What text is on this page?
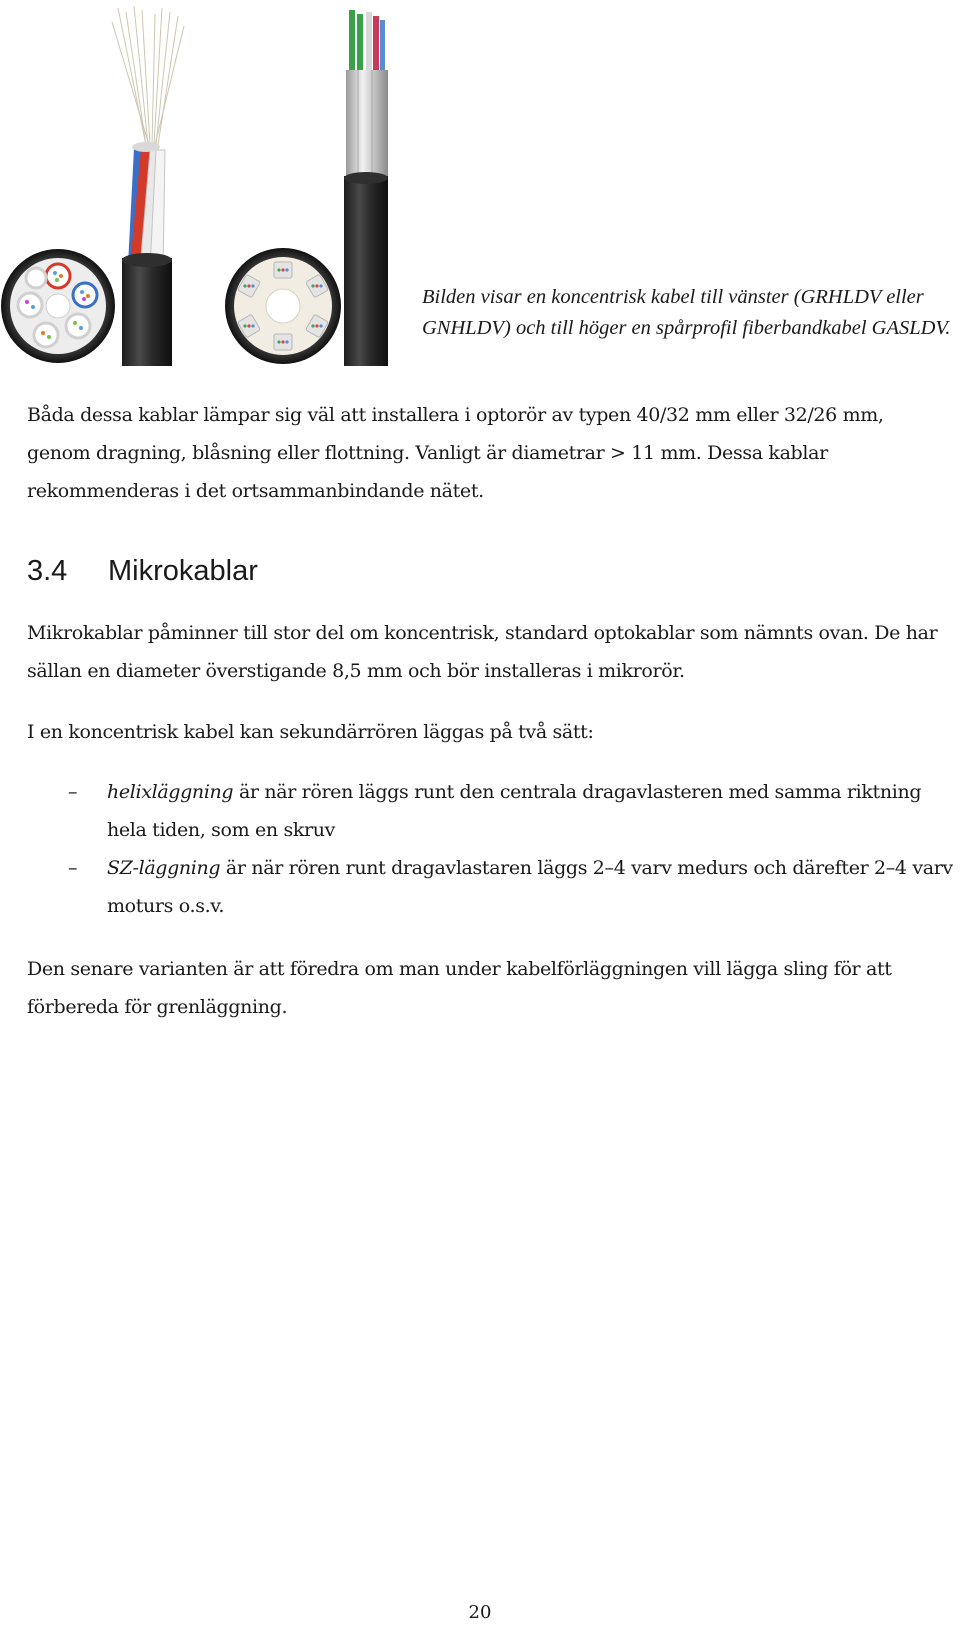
Bilden visar en koncentrisk kabel till vänster (GRHLDV eller GNHLDV) och till höger en spårprofil fiberbandkabel GASLDV.

Båda dessa kablar lämpar sig väl att installera i optorör av typen 40/32 mm eller 32/26 mm, genom dragning, blåsning eller flottning. Vanligt är diametrar > 11 mm. Dessa kablar rekommenderas i det ortsammanbindande nätet.

3.4 Mikrokablar

Mikrokablar påminner till stor del om koncentrisk, standard optokablar som nämnts ovan. De har sällan en diameter överstigande 8,5 mm och bör installeras i mikrorör.

I en koncentrisk kabel kan sekundärrören läggas på två sätt:

– helixläggning är när rören läggs runt den centrala dragavlasteren med samma riktning hela tiden, som en skruv
– SZ-läggning är när rören runt dragavlastaren läggs 2–4 varv medurs och därefter 2–4 varv moturs o.s.v.

Den senare varianten är att föredra om man under kabelförläggningen vill lägga sling för att förbereda för grenläggning.

20
